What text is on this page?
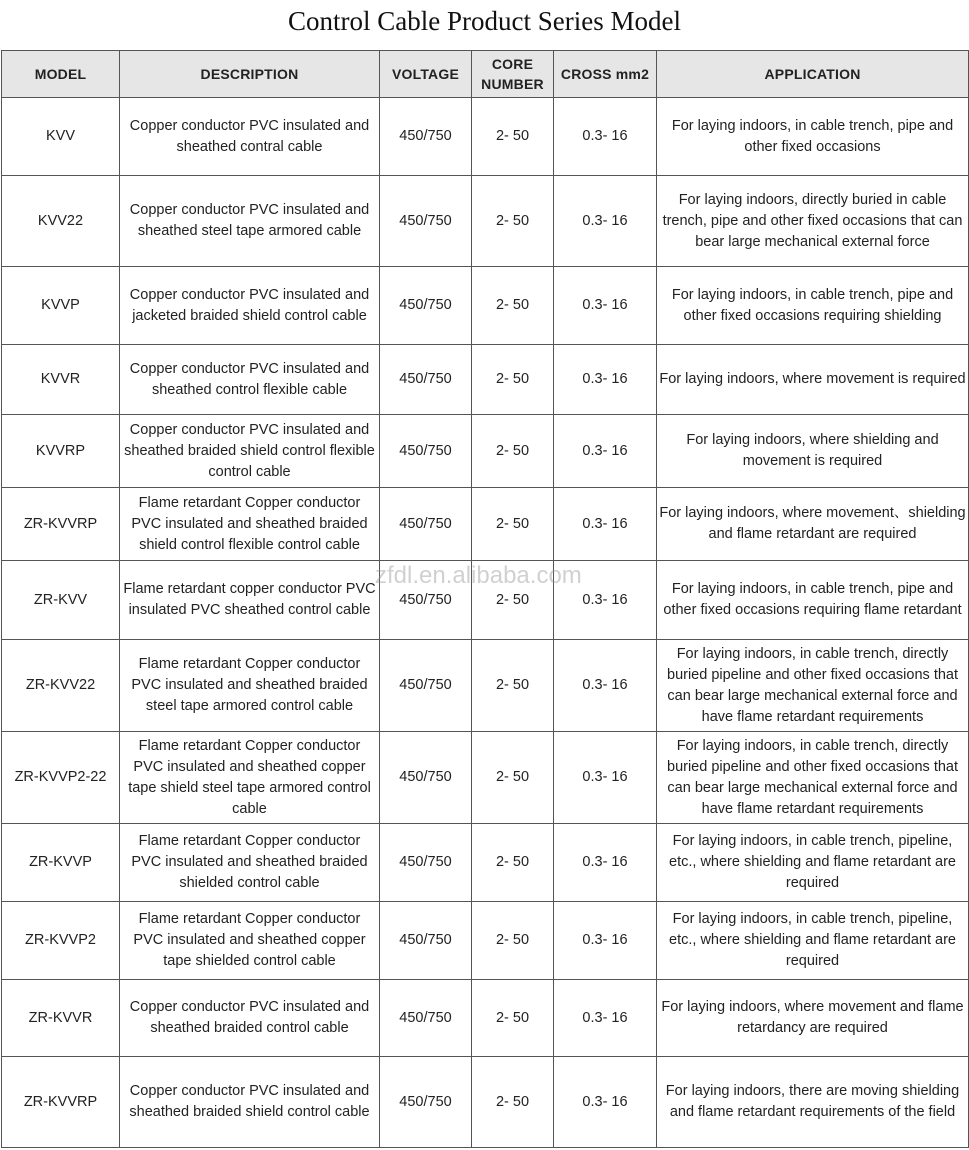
Control Cable Product Series Model
MODEL	DESCRIPTION	VOLTAGE	CORE NUMBER	CROSS mm2	APPLICATION
KVV	Copper conductor PVC insulated and sheathed contral cable	450/750	2- 50	0.3- 16	For laying indoors, in cable trench, pipe and other fixed occasions
KVV22	Copper conductor PVC insulated and sheathed steel tape armored cable	450/750	2- 50	0.3- 16	For laying indoors, directly buried in cable trench, pipe and other fixed occasions that can bear large mechanical external force
KVVP	Copper conductor PVC insulated and jacketed braided shield control cable	450/750	2- 50	0.3- 16	For laying indoors, in cable trench, pipe and other fixed occasions requiring shielding
KVVR	Copper conductor PVC insulated and sheathed control flexible cable	450/750	2- 50	0.3- 16	For laying indoors, where movement is required
KVVRP	Copper conductor PVC insulated and sheathed braided shield control flexible control cable	450/750	2- 50	0.3- 16	For laying indoors, where shielding and movement is required
ZR-KVVRP	Flame retardant Copper conductor PVC insulated and sheathed braided shield control flexible control cable	450/750	2- 50	0.3- 16	For laying indoors, where movement、shielding and flame retardant are required
ZR-KVV	Flame retardant copper conductor PVC insulated PVC sheathed control cable	450/750	2- 50	0.3- 16	For laying indoors, in cable trench, pipe and other fixed occasions requiring flame retardant
ZR-KVV22	Flame retardant Copper conductor PVC insulated and sheathed braided steel tape armored control cable	450/750	2- 50	0.3- 16	For laying indoors, in cable trench, directly buried pipeline and other fixed occasions that can bear large mechanical external force and have flame retardant requirements
ZR-KVVP2-22	Flame retardant Copper conductor PVC insulated and sheathed copper tape shield steel tape armored control cable	450/750	2- 50	0.3- 16	For laying indoors, in cable trench, directly buried pipeline and other fixed occasions that can bear large mechanical external force and have flame retardant requirements
ZR-KVVP	Flame retardant Copper conductor PVC insulated and sheathed braided shielded control cable	450/750	2- 50	0.3- 16	For laying indoors, in cable trench, pipeline, etc., where shielding and flame retardant are required
ZR-KVVP2	Flame retardant Copper conductor PVC insulated and sheathed copper tape shielded control cable	450/750	2- 50	0.3- 16	For laying indoors, in cable trench, pipeline, etc., where shielding and flame retardant are required
ZR-KVVR	Copper conductor PVC insulated and sheathed braided control cable	450/750	2- 50	0.3- 16	For laying indoors, where movement and flame retardancy are required
ZR-KVVRP	Copper conductor PVC insulated and sheathed braided shield control cable	450/750	2- 50	0.3- 16	For laying indoors, there are moving shielding and flame retardant requirements of the field
zfdl.en.alibaba.com
